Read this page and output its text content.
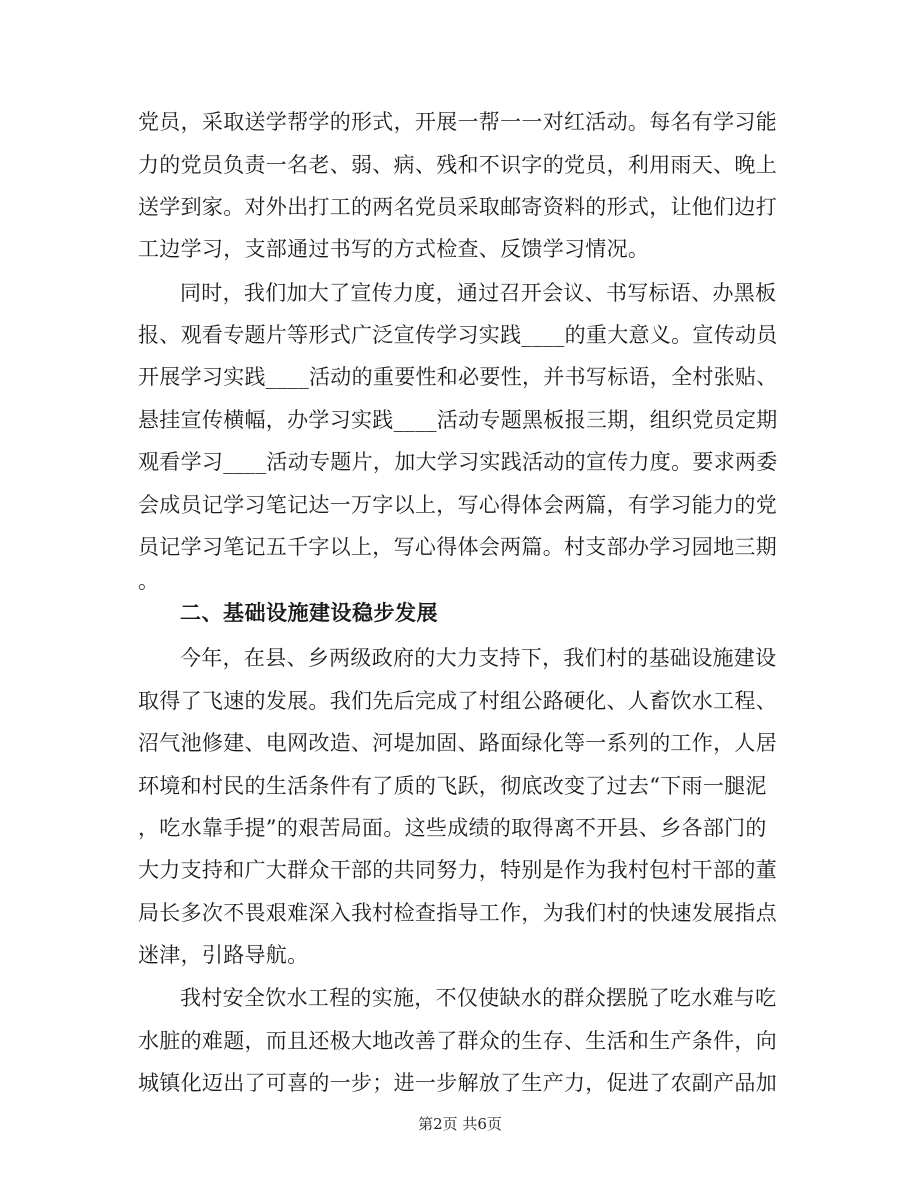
党员，采取送学帮学的形式，开展一帮一一对红活动。每名有学习能
力的党员负责一名老、弱、病、残和不识字的党员，利用雨天、晚上
送学到家。对外出打工的两名党员采取邮寄资料的形式，让他们边打
工边学习，支部通过书写的方式检查、反馈学习情况。
同时，我们加大了宣传力度，通过召开会议、书写标语、办黑板
报、观看专题片等形式广泛宣传学习实践____的重大意义。宣传动员
开展学习实践____活动的重要性和必要性，并书写标语，全村张贴、
悬挂宣传横幅，办学习实践____活动专题黑板报三期，组织党员定期
观看学习____活动专题片，加大学习实践活动的宣传力度。要求两委
会成员记学习笔记达一万字以上，写心得体会两篇，有学习能力的党
员记学习笔记五千字以上，写心得体会两篇。村支部办学习园地三期
。
二、基础设施建设稳步发展
今年，在县、乡两级政府的大力支持下，我们村的基础设施建设
取得了飞速的发展。我们先后完成了村组公路硬化、人畜饮水工程、
沼气池修建、电网改造、河堤加固、路面绿化等一系列的工作，人居
环境和村民的生活条件有了质的飞跃，彻底改变了过去“下雨一腿泥
，吃水靠手提”的艰苦局面。这些成绩的取得离不开县、乡各部门的
大力支持和广大群众干部的共同努力，特别是作为我村包村干部的董
局长多次不畏艰难深入我村检查指导工作，为我们村的快速发展指点
迷津，引路导航。
我村安全饮水工程的实施，不仅使缺水的群众摆脱了吃水难与吃
水脏的难题，而且还极大地改善了群众的生存、生活和生产条件，向
城镇化迈出了可喜的一步；进一步解放了生产力，促进了农副产品加
第2页 共6页
